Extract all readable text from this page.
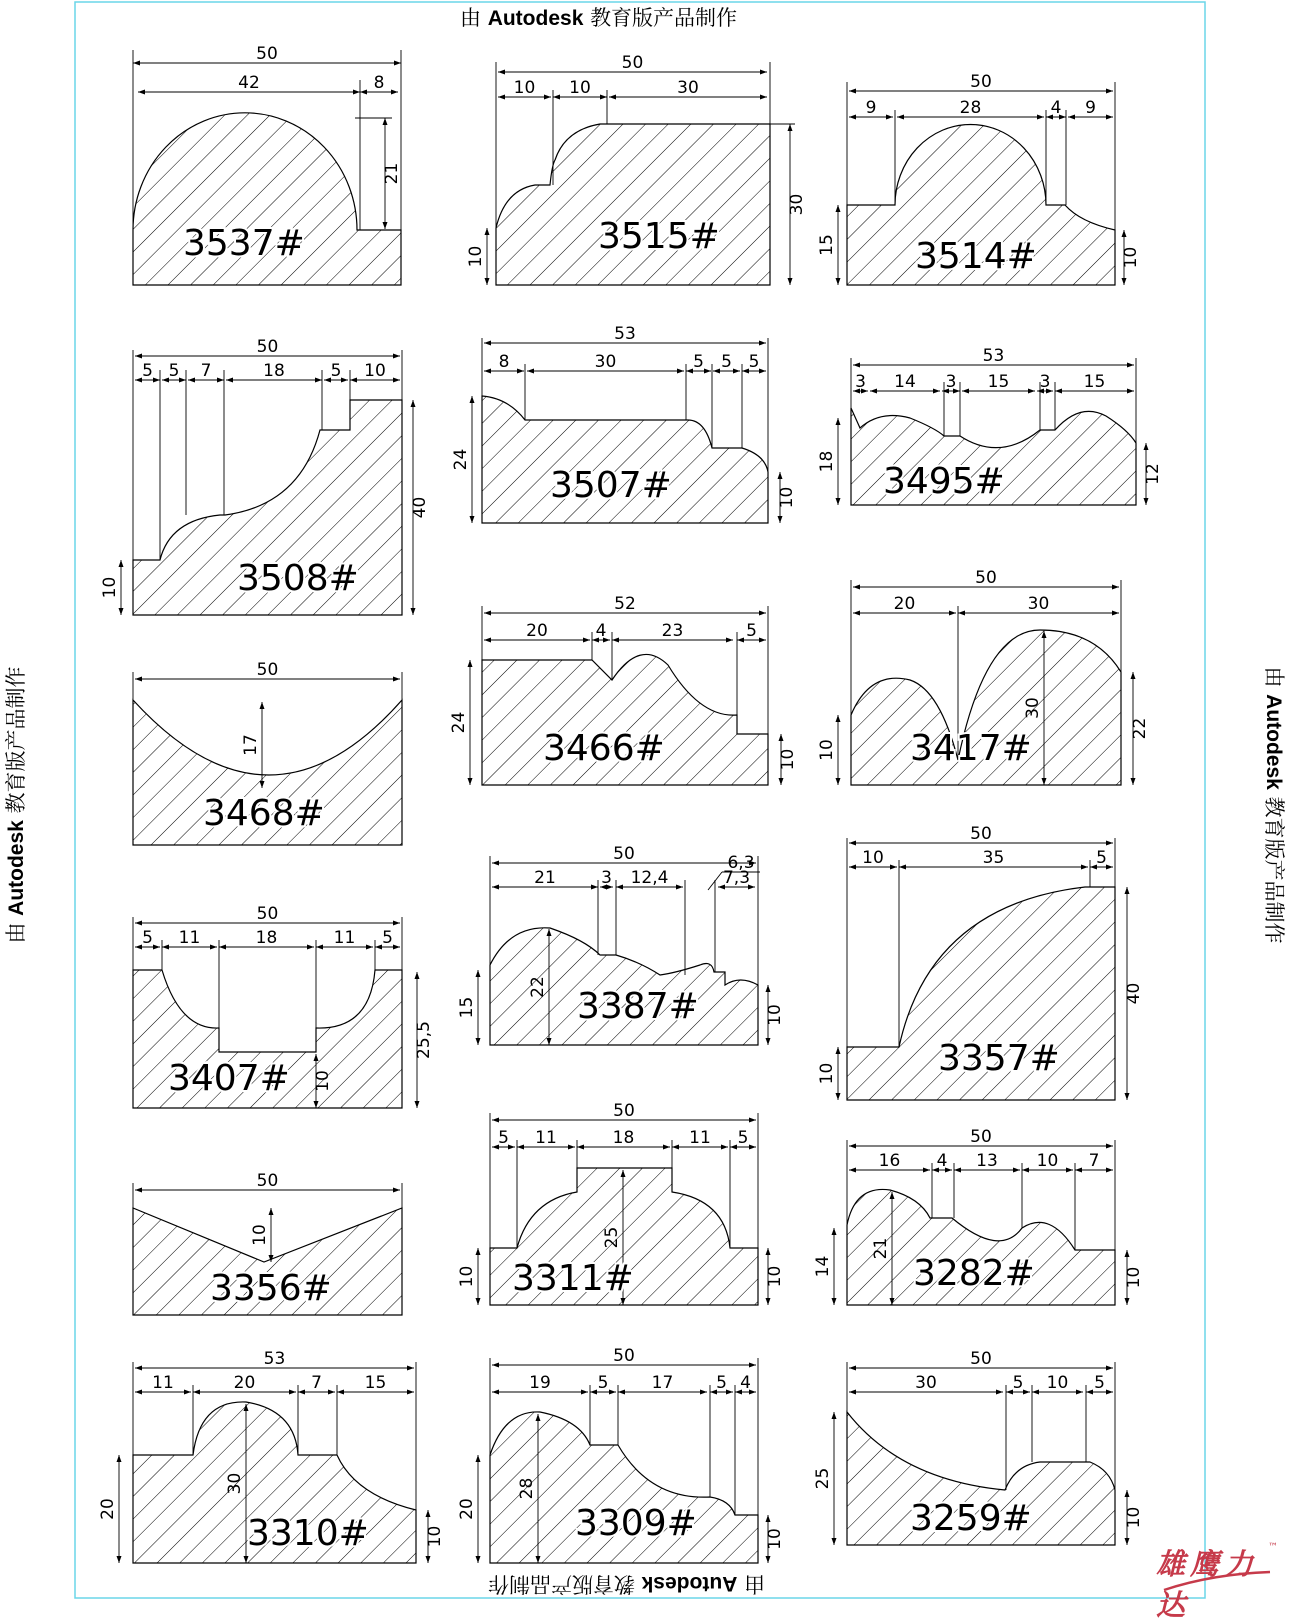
50
42	8
21
3537#
50
10 10	30
30
10	3515#
50
9	28	4 9
15
10
3514#
50
5 5 7	18	5 10
40
10	3508#
53
8	30	5 5 5
24
10
3507#
53
3 14 3 15 3 15
18
12
3495#
50
17
3468#
52
20	4	23	5
24
10
3466#
50
20	30
30
10
22
3417#
50
5 11	18	11 5
25,5
10
3407#
50
21	3 12,4	7,3
22
15	10
6,3
3387#
50
10	35	5
40
10	3357#
50
10
3356#
50
5 11	18	11 5
25
10	10
3311#
50
16 4 13 10 7
21
14
10
3282#
53
11	20	7	15
30
20
10
3310#
50
19	5	17	5 4
28
20
10
3309#
50
30	5 10 5
25
10
3259#
由 Autodesk 教育版产品制作
由 Autodesk 教育版产品制作
由 Autodesk 教育版产品制作	由 Autodesk 教育版产品制作
雄鹰力达
™
